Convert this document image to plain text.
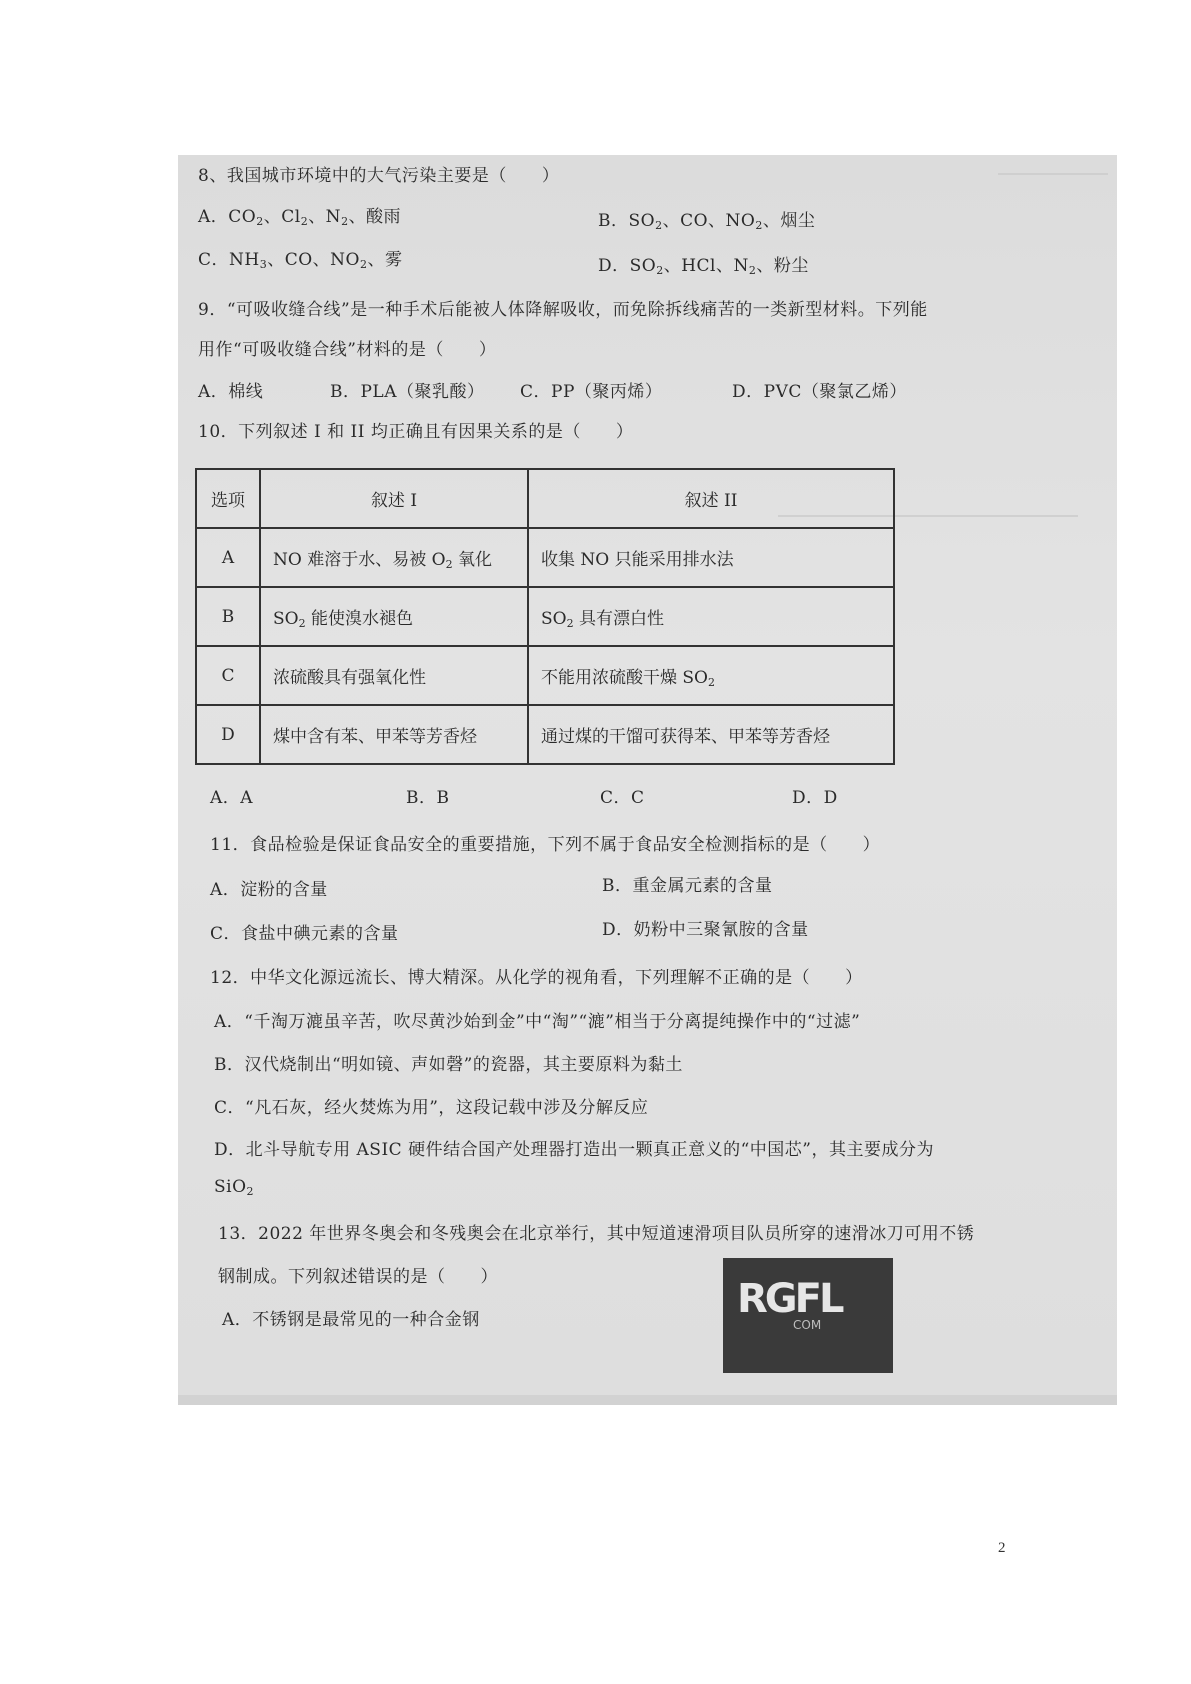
8、我国城市环境中的大气污染主要是（　　）
A．$CO_2$、$Cl_2$、$N_2$、酸雨	B．$SO_2$、CO、$NO_2$、烟尘
C．$NH_3$、CO、$NO_2$、雾	D．$SO_2$、HCl、$N_2$、粉尘
9．“可吸收缝合线”是一种手术后能被人体降解吸收，而免除拆线痛苦的一类新型材料。下列能
用作“可吸收缝合线”材料的是（　　）
A．棉线	B．PLA（聚乳酸） C．PP（聚丙烯）	D．PVC（聚氯乙烯）
10．下列叙述 I 和 II 均正确且有因果关系的是（　　）
选项	叙述 I	叙述 II
A	NO 难溶于水、易被 $O_2$ 氧化	收集 NO 只能采用排水法
B	$SO_2$ 能使溴水褪色	$SO_2$ 具有漂白性
C	浓硫酸具有强氧化性	不能用浓硫酸干燥 $SO_2$
D	煤中含有苯、甲苯等芳香烃	通过煤的干馏可获得苯、甲苯等芳香烃
A．A	B．B	C．C	D．D
11．食品检验是保证食品安全的重要措施，下列不属于食品安全检测指标的是（　　）
A．淀粉的含量	B．重金属元素的含量
C．食盐中碘元素的含量	D．奶粉中三聚氰胺的含量
12．中华文化源远流长、博大精深。从化学的视角看，下列理解不正确的是（　　）
A．“千淘万漉虽辛苦，吹尽黄沙始到金”中“淘”“漉”相当于分离提纯操作中的“过滤”
B．汉代烧制出“明如镜、声如磬”的瓷器，其主要原料为黏土
C．“凡石灰，经火焚炼为用”，这段记载中涉及分解反应
D．北斗导航专用 ASIC 硬件结合国产处理器打造出一颗真正意义的“中国芯”，其主要成分为
SiO$_2$
13．2022 年世界冬奥会和冬残奥会在北京举行，其中短道速滑项目队员所穿的速滑冰刀可用不锈
钢制成。下列叙述错误的是（　　）
A．不锈钢是最常见的一种合金钢	RGFL
COM
2
